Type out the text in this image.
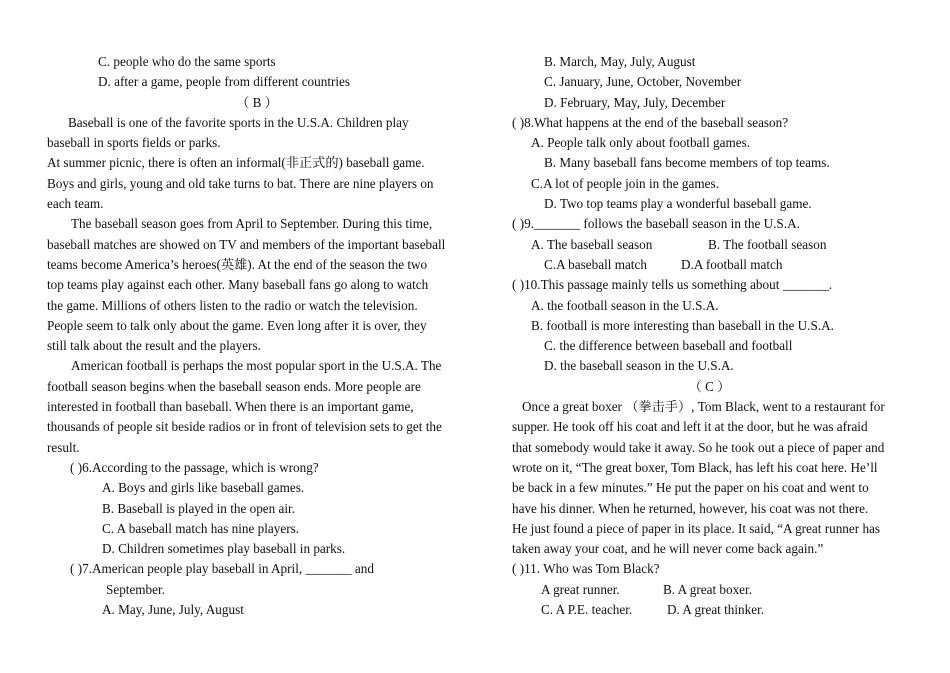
C. people who do the same sports
D. after a game, people from different countries
（ B ）
Baseball is one of the favorite sports in the U.S.A. Children play
baseball in sports fields or parks.
At summer picnic, there is often an informal(非正式的) baseball game.
Boys and girls, young and old take turns to bat. There are nine players on
each team.
The baseball season goes from April to September. During this time,
baseball matches are showed on TV and members of the important baseball
teams become America’s heroes(英雄). At the end of the season the two
top teams play against each other. Many baseball fans go along to watch
the game. Millions of others listen to the radio or watch the television.
People seem to talk only about the game. Even long after it is over, they
still talk about the result and the players.
American football is perhaps the most popular sport in the U.S.A. The
football season begins when the baseball season ends. More people are
interested in football than baseball. When there is an important game,
thousands of people sit beside radios or in front of television sets to get the
result.
( )6.According to the passage, which is wrong?
A. Boys and girls like baseball games.
B. Baseball is played in the open air.
C. A baseball match has nine players.
D. Children sometimes play baseball in parks.
( )7.American people play baseball in April, _______ and
September.
A. May, June, July, August
B. March, May, July, August
C. January, June, October, November
D. February, May, July, December
( )8.What happens at the end of the baseball season?
A. People talk only about football games.
B. Many baseball fans become members of top teams.
C.A lot of people join in the games.
D. Two top teams play a wonderful baseball game.
( )9._______ follows the baseball season in the U.S.A.
A. The baseball season	B. The football season
C.A baseball match	D.A football match
( )10.This passage mainly tells us something about _______.
A. the football season in the U.S.A.
B. football is more interesting than baseball in the U.S.A.
C. the difference between baseball and football
D. the baseball season in the U.S.A.
（ C ）
Once a great boxer （拳击手）, Tom Black, went to a restaurant for
supper. He took off his coat and left it at the door, but he was afraid
that somebody would take it away. So he took out a piece of paper and
wrote on it, “The great boxer, Tom Black, has left his coat here. He’ll
be back in a few minutes.” He put the paper on his coat and went to
have his dinner. When he returned, however, his coat was not there.
He just found a piece of paper in its place. It said, “A great runner has
taken away your coat, and he will never come back again.”
( )11. Who was Tom Black?
A great runner.	B. A great boxer.
C. A P.E. teacher.	D. A great thinker.
